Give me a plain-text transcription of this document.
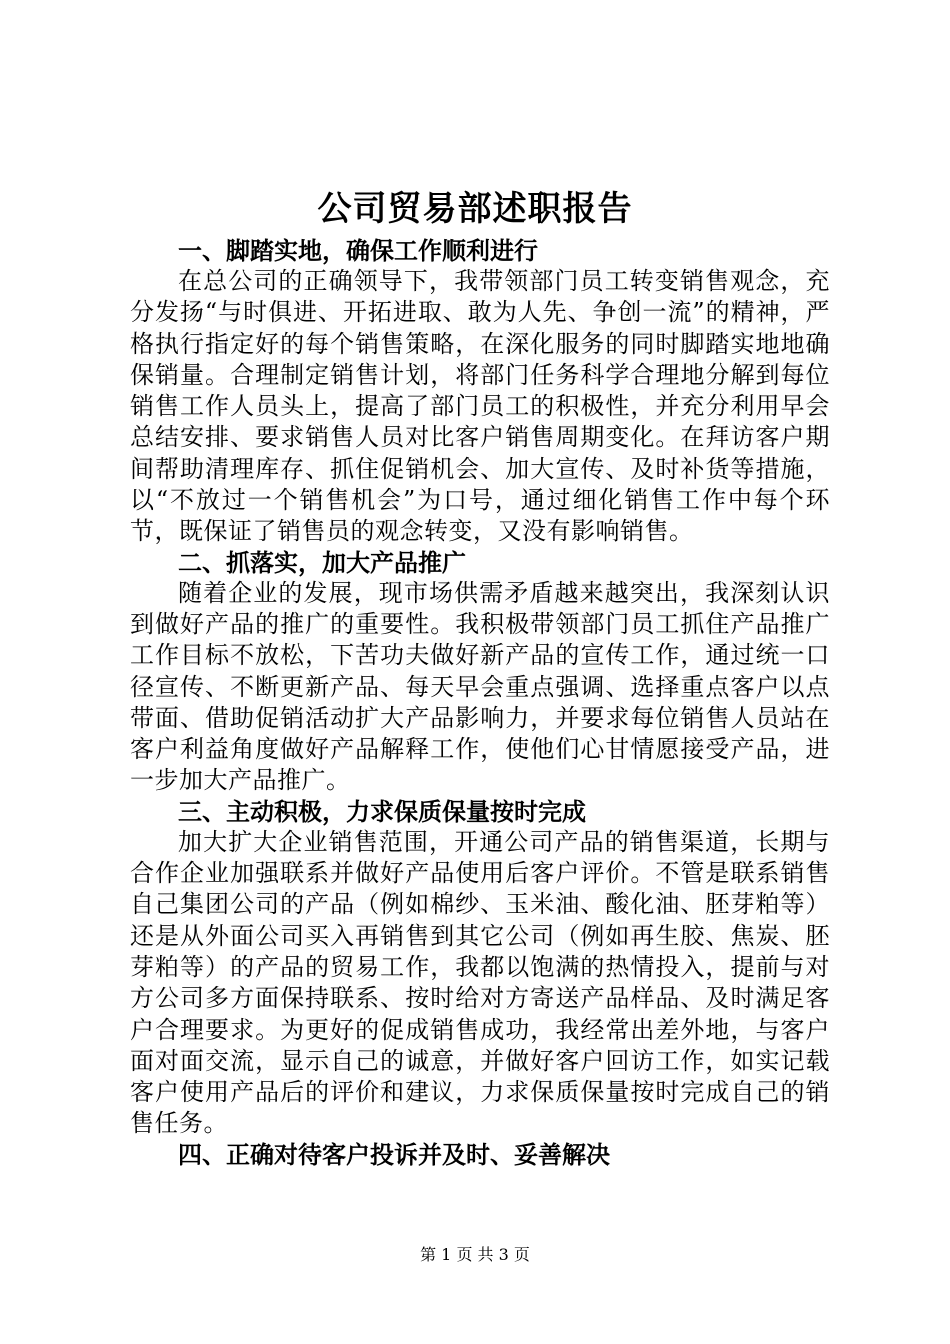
公司贸易部述职报告

一、脚踏实地，确保工作顺利进行

在总公司的正确领导下，我带领部门员工转变销售观念，充分发扬“与时俱进、开拓进取、敢为人先、争创一流”的精神，严格执行指定好的每个销售策略，在深化服务的同时脚踏实地地确保销量。合理制定销售计划，将部门任务科学合理地分解到每位销售工作人员头上，提高了部门员工的积极性，并充分利用早会总结安排、要求销售人员对比客户销售周期变化。在拜访客户期间帮助清理库存、抓住促销机会、加大宣传、及时补货等措施，以“不放过一个销售机会”为口号，通过细化销售工作中每个环节，既保证了销售员的观念转变，又没有影响销售。

二、抓落实，加大产品推广

随着企业的发展，现市场供需矛盾越来越突出，我深刻认识到做好产品的推广的重要性。我积极带领部门员工抓住产品推广工作目标不放松，下苦功夫做好新产品的宣传工作，通过统一口径宣传、不断更新产品、每天早会重点强调、选择重点客户以点带面、借助促销活动扩大产品影响力，并要求每位销售人员站在客户利益角度做好产品解释工作，使他们心甘情愿接受产品，进一步加大产品推广。

三、主动积极，力求保质保量按时完成

加大扩大企业销售范围，开通公司产品的销售渠道，长期与合作企业加强联系并做好产品使用后客户评价。不管是联系销售自己集团公司的产品（例如棉纱、玉米油、酸化油、胚芽粕等）还是从外面公司买入再销售到其它公司（例如再生胶、焦炭、胚芽粕等）的产品的贸易工作，我都以饱满的热情投入，提前与对方公司多方面保持联系、按时给对方寄送产品样品、及时满足客户合理要求。为更好的促成销售成功，我经常出差外地，与客户面对面交流，显示自己的诚意，并做好客户回访工作，如实记载客户使用产品后的评价和建议，力求保质保量按时完成自己的销售任务。

四、正确对待客户投诉并及时、妥善解决

第 1 页 共 3 页
